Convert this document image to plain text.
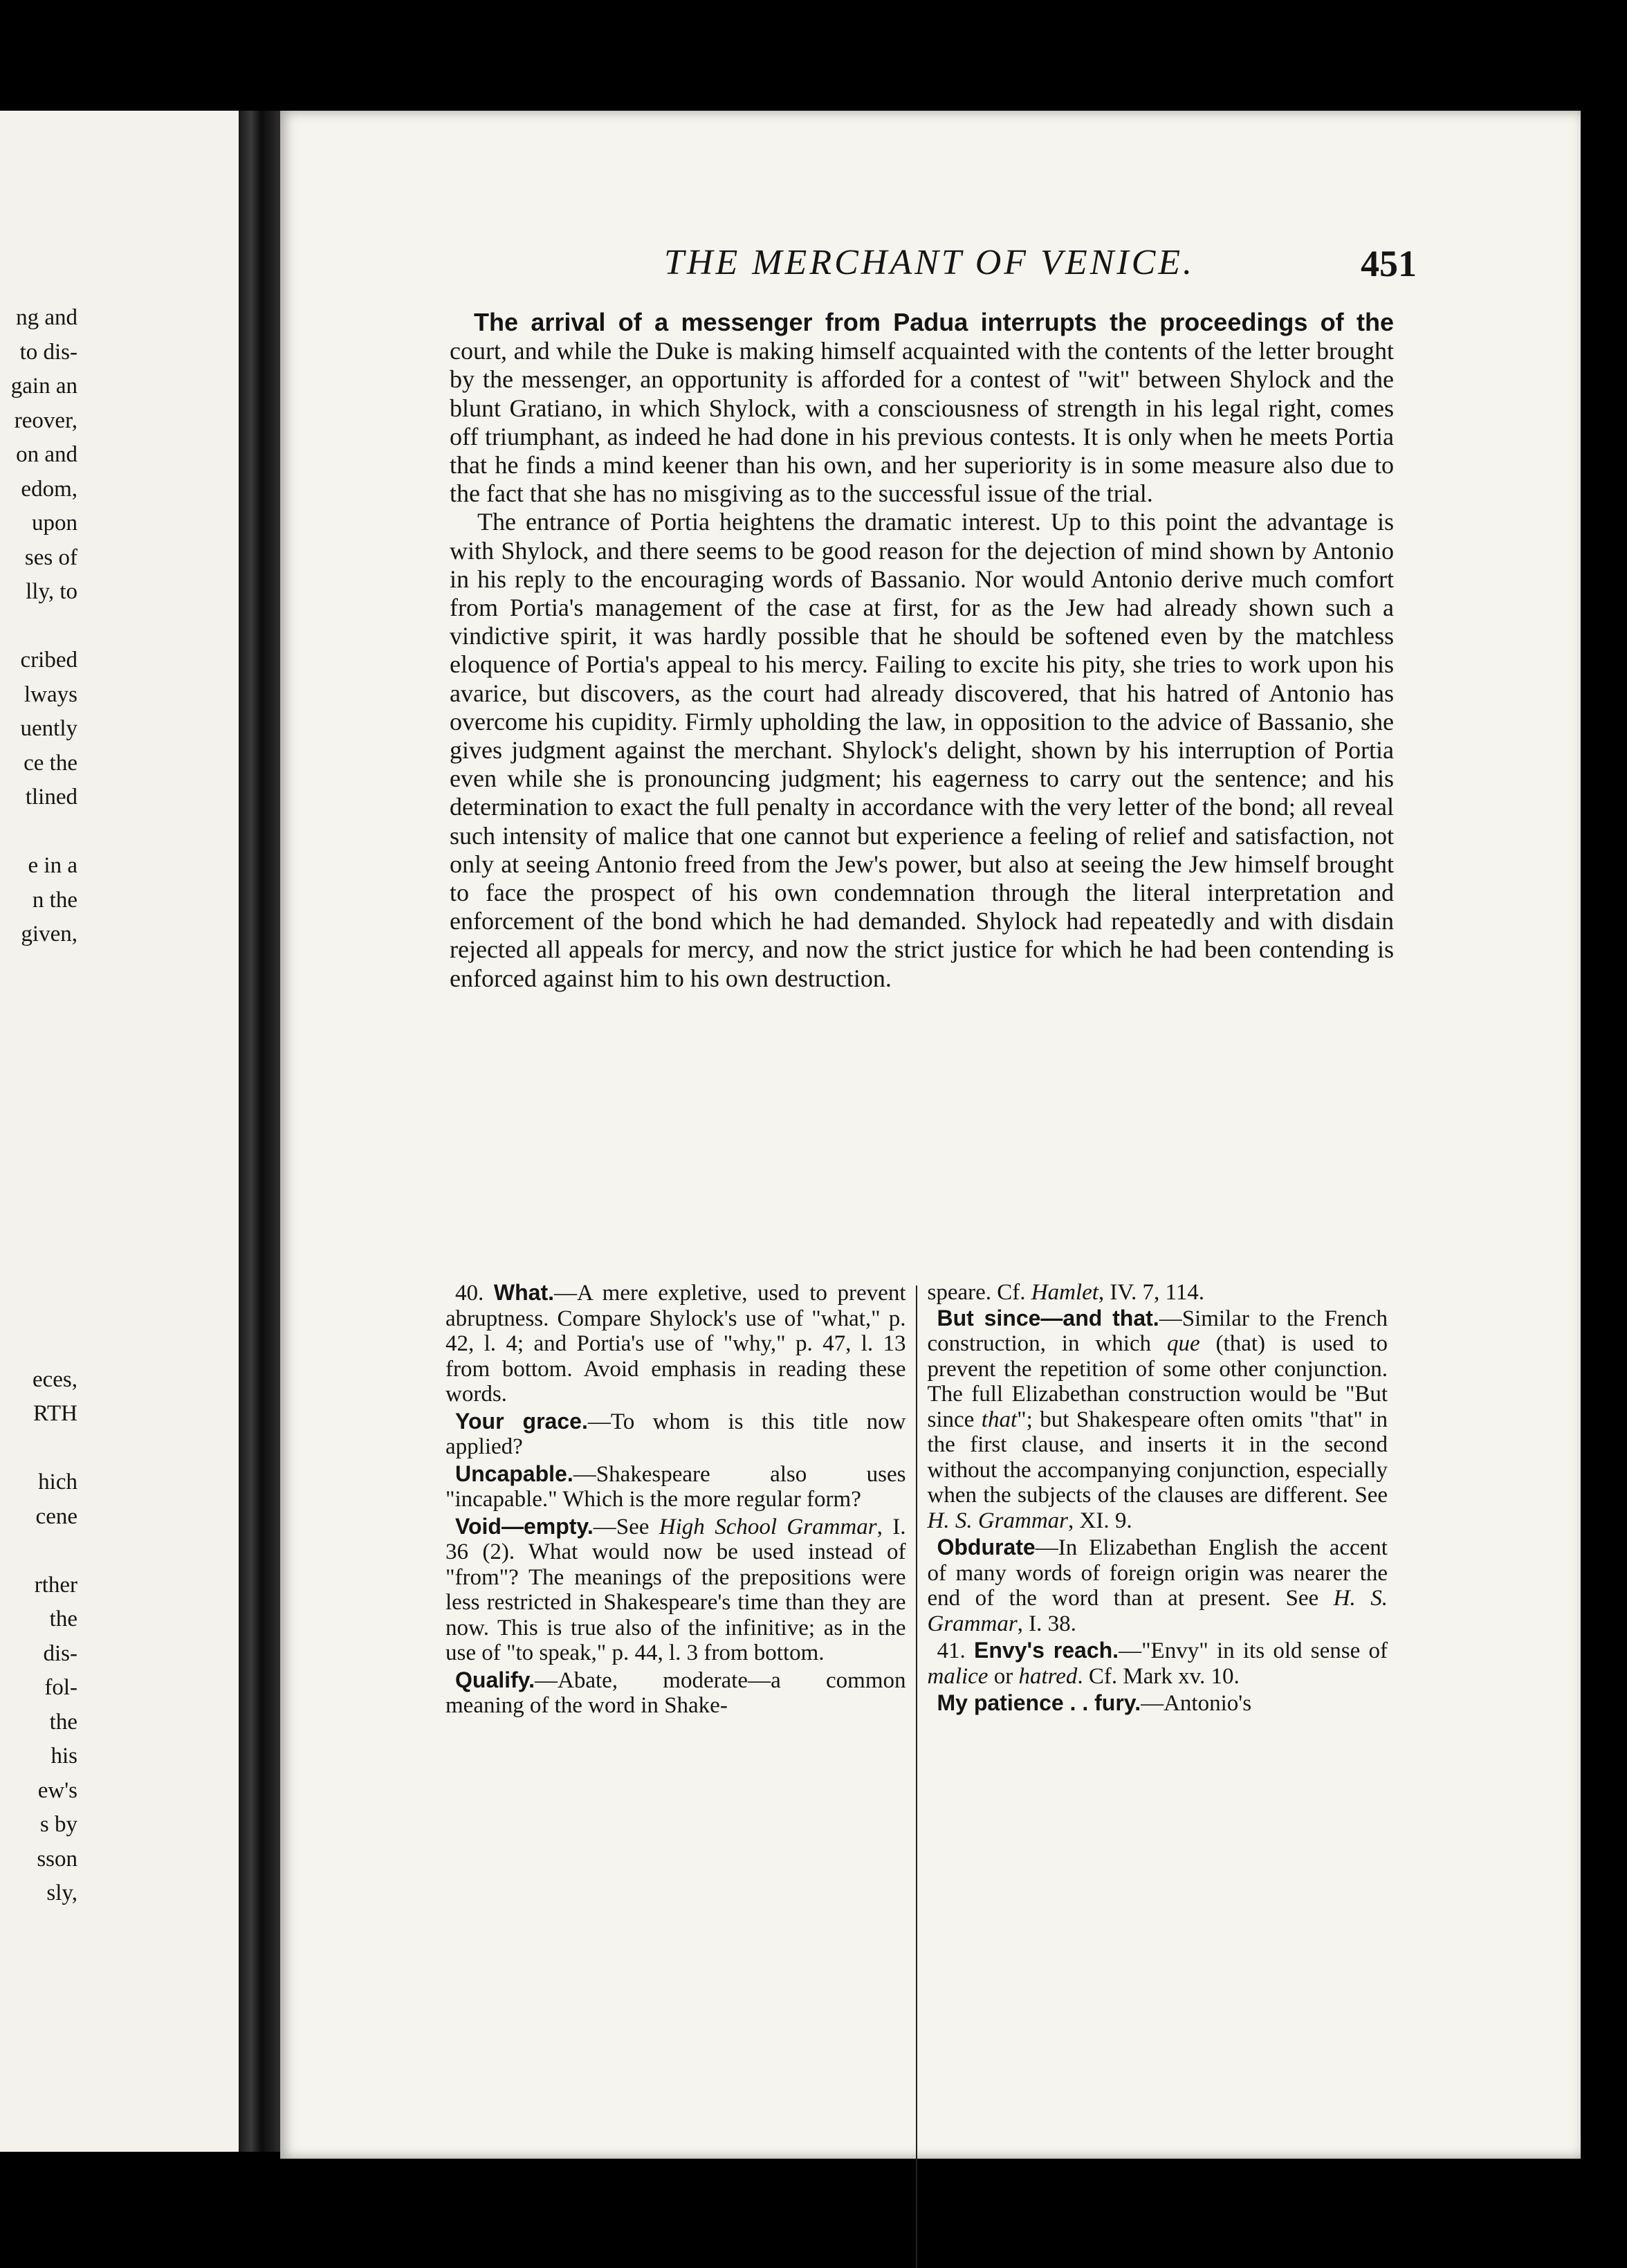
ng and
to dis-
gain an
reover,
on and
edom,
upon
ses of
lly, to
cribed
lways
uently
ce the
tlined
e in a
n the
given,
eces,
RTH
hich
cene
rther
the
dis-
fol-
the
his
ew's
s by
sson
sly,
THE MERCHANT OF VENICE.	451

The arrival of a messenger from Padua interrupts the proceedings of the court, and while the Duke is making himself acquainted with the contents of the letter brought by the messenger, an opportunity is afforded for a contest of "wit" between Shylock and the blunt Gratiano, in which Shylock, with a consciousness of strength in his legal right, comes off triumphant, as indeed he had done in his previous contests. It is only when he meets Portia that he finds a mind keener than his own, and her superiority is in some measure also due to the fact that she has no misgiving as to the successful issue of the trial.

The entrance of Portia heightens the dramatic interest. Up to this point the advantage is with Shylock, and there seems to be good reason for the dejection of mind shown by Antonio in his reply to the encouraging words of Bassanio. Nor would Antonio derive much comfort from Portia's management of the case at first, for as the Jew had already shown such a vindictive spirit, it was hardly possible that he should be softened even by the matchless eloquence of Portia's appeal to his mercy. Failing to excite his pity, she tries to work upon his avarice, but discovers, as the court had already discovered, that his hatred of Antonio has overcome his cupidity. Firmly upholding the law, in opposition to the advice of Bassanio, she gives judgment against the merchant. Shylock's delight, shown by his interruption of Portia even while she is pronouncing judgment; his eagerness to carry out the sentence; and his determination to exact the full penalty in accordance with the very letter of the bond; all reveal such intensity of malice that one cannot but experience a feeling of relief and satisfaction, not only at seeing Antonio freed from the Jew's power, but also at seeing the Jew himself brought to face the prospect of his own condemnation through the literal interpretation and enforcement of the bond which he had demanded. Shylock had repeatedly and with disdain rejected all appeals for mercy, and now the strict justice for which he had been contending is enforced against him to his own destruction.

40. What.—A mere expletive, used to prevent abruptness. Compare Shylock's use of "what," p. 42, l. 4; and Portia's use of "why," p. 47, l. 13 from bottom. Avoid emphasis in reading these words.

Your grace.—To whom is this title now applied?

Uncapable.—Shakespeare also uses "incapable." Which is the more regular form?

Void—empty.—See High School Grammar, I. 36 (2). What would now be used instead of "from"? The meanings of the prepositions were less restricted in Shakespeare's time than they are now. This is true also of the infinitive; as in the use of "to speak," p. 44, l. 3 from bottom.

Qualify.—Abate, moderate—a common meaning of the word in Shake-

speare. Cf. Hamlet, IV. 7, 114.

But since—and that.—Similar to the French construction, in which que (that) is used to prevent the repetition of some other conjunction. The full Elizabethan construction would be "But since that"; but Shakespeare often omits "that" in the first clause, and inserts it in the second without the accompanying conjunction, especially when the subjects of the clauses are different. See H. S. Grammar, XI. 9.

Obdurate—In Elizabethan English the accent of many words of foreign origin was nearer the end of the word than at present. See H. S. Grammar, I. 38.

41. Envy's reach.—"Envy" in its old sense of malice or hatred. Cf. Mark xv. 10.

My patience . . fury.—Antonio's
